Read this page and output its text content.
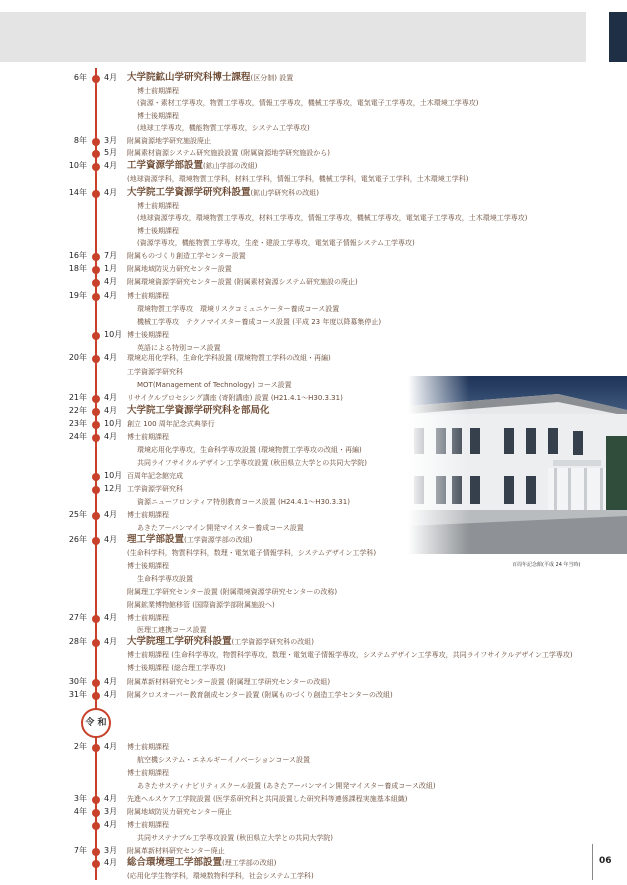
6年 4月 大学院鉱山学研究科博士課程(区分制) 設置
博士前期課程
(資源・素材工学専攻，物質工学専攻，情報工学専攻，機械工学専攻，電気電子工学専攻，土木環境工学専攻)
博士後期課程
(地球工学専攻，機能物質工学専攻，システム工学専攻)
8年 3月 附属資源地学研究施設廃止
5月 附属素材資源システム研究施設設置 (附属資源地学研究施設から)
10年 4月 工学資源学部設置(鉱山学部の改組)
(地球資源学科，環境物質工学科，材料工学科，情報工学科，機械工学科，電気電子工学科，土木環境工学科)
14年 4月 大学院工学資源学研究科設置(鉱山学研究科の改組)
博士前期課程
(地球資源学専攻，環境物質工学専攻，材料工学専攻，情報工学専攻，機械工学専攻，電気電子工学専攻，土木環境工学専攻)
博士後期課程
(資源学専攻，機能物質工学専攻，生産・建設工学専攻，電気電子情報システム工学専攻)
16年 7月 附属ものづくり創造工学センター設置
18年 1月 附属地域防災力研究センター設置
4月 附属環境資源学研究センター設置 (附属素材資源システム研究施設の廃止)
19年 4月 博士前期課程
環境物質工学専攻　環境リスクコミュニケーター養成コース設置
機械工学専攻　テクノマイスター養成コース設置 (平成 23 年度以降募集停止)
10月 博士後期課程
英語による特別コース設置
20年 4月 環境応用化学科，生命化学科設置 (環境物質工学科の改組・再編)
工学資源学研究科
MOT(Management of Technology) コース設置
21年 4月 リサイクルプロセシング講座 (寄附講座) 設置 (H21.4.1〜H30.3.31)
22年 4月 大学院工学資源学研究科を部局化
23年 10月 創立 100 周年記念式典挙行
24年 4月 博士前期課程
環境応用化学専攻，生命科学専攻設置 (環境物質工学専攻の改組・再編)
共同ライフサイクルデザイン工学専攻設置 (秋田県立大学との共同大学院)
10月 百周年記念館完成
12月 工学資源学研究科
資源ニューフロンティア特別教育コース設置 (H24.4.1〜H30.3.31)
25年 4月 博士前期課程
あきたアーバンマイン開発マイスター養成コース設置
26年 4月 理工学部設置(工学資源学部の改組)
(生命科学科，物質科学科，数理・電気電子情報学科，システムデザイン工学科)
博士後期課程
生命科学専攻設置
附属理工学研究センター設置 (附属環境資源学研究センターの改称)
附属鉱業博物館移管 (国際資源学部附属施設へ)
27年 4月 博士前期課程
医理工連携コース設置
28年 4月 大学院理工学研究科設置(工学資源学研究科の改組)
博士前期課程 (生命科学専攻，物質科学専攻，数理・電気電子情報学専攻，システムデザイン工学専攻，共同ライフサイクルデザイン工学専攻)
博士後期課程 (総合理工学専攻)
30年 4月 附属革新材料研究センター設置 (附属理工学研究センターの改組)
31年 4月 附属クロスオーバー教育創成センター設置 (附属ものづくり創造工学センターの改組)
2年 4月 博士前期課程
航空機システム・エネルギーイノベーションコース設置
博士前期課程
あきたサスティナビリティスクール設置 (あきたアーバンマイン開発マイスター養成コース改組)
3年 4月 先進ヘルスケア工学院設置 (医学系研究科と共同設置した研究科等連係課程実施基本組織)
4年 3月 附属地域防災力研究センター廃止
4月 博士前期課程
共同サステナブル工学専攻設置 (秋田県立大学との共同大学院)
7年 3月 附属革新材料研究センター廃止
4月 総合環境理工学部設置(理工学部の改組)
(応用化学生物学科，環境数物科学科，社会システム工学科)
令 和
百周年記念館(平成 24 年当時)
06
